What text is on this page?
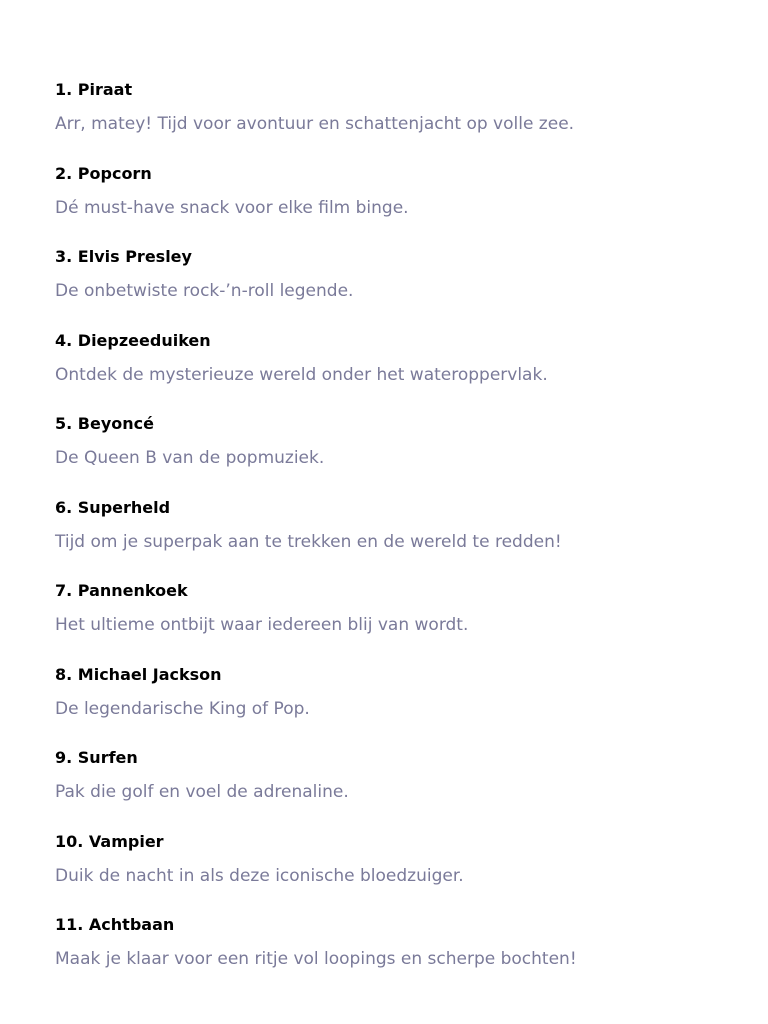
1. Piraat
Arr, matey! Tijd voor avontuur en schattenjacht op volle zee.
2. Popcorn
Dé must-have snack voor elke film binge.
3. Elvis Presley
De onbetwiste rock-’n-roll legende.
4. Diepzeeduiken
Ontdek de mysterieuze wereld onder het wateroppervlak.
5. Beyoncé
De Queen B van de popmuziek.
6. Superheld
Tijd om je superpak aan te trekken en de wereld te redden!
7. Pannenkoek
Het ultieme ontbijt waar iedereen blij van wordt.
8. Michael Jackson
De legendarische King of Pop.
9. Surfen
Pak die golf en voel de adrenaline.
10. Vampier
Duik de nacht in als deze iconische bloedzuiger.
11. Achtbaan
Maak je klaar voor een ritje vol loopings en scherpe bochten!
